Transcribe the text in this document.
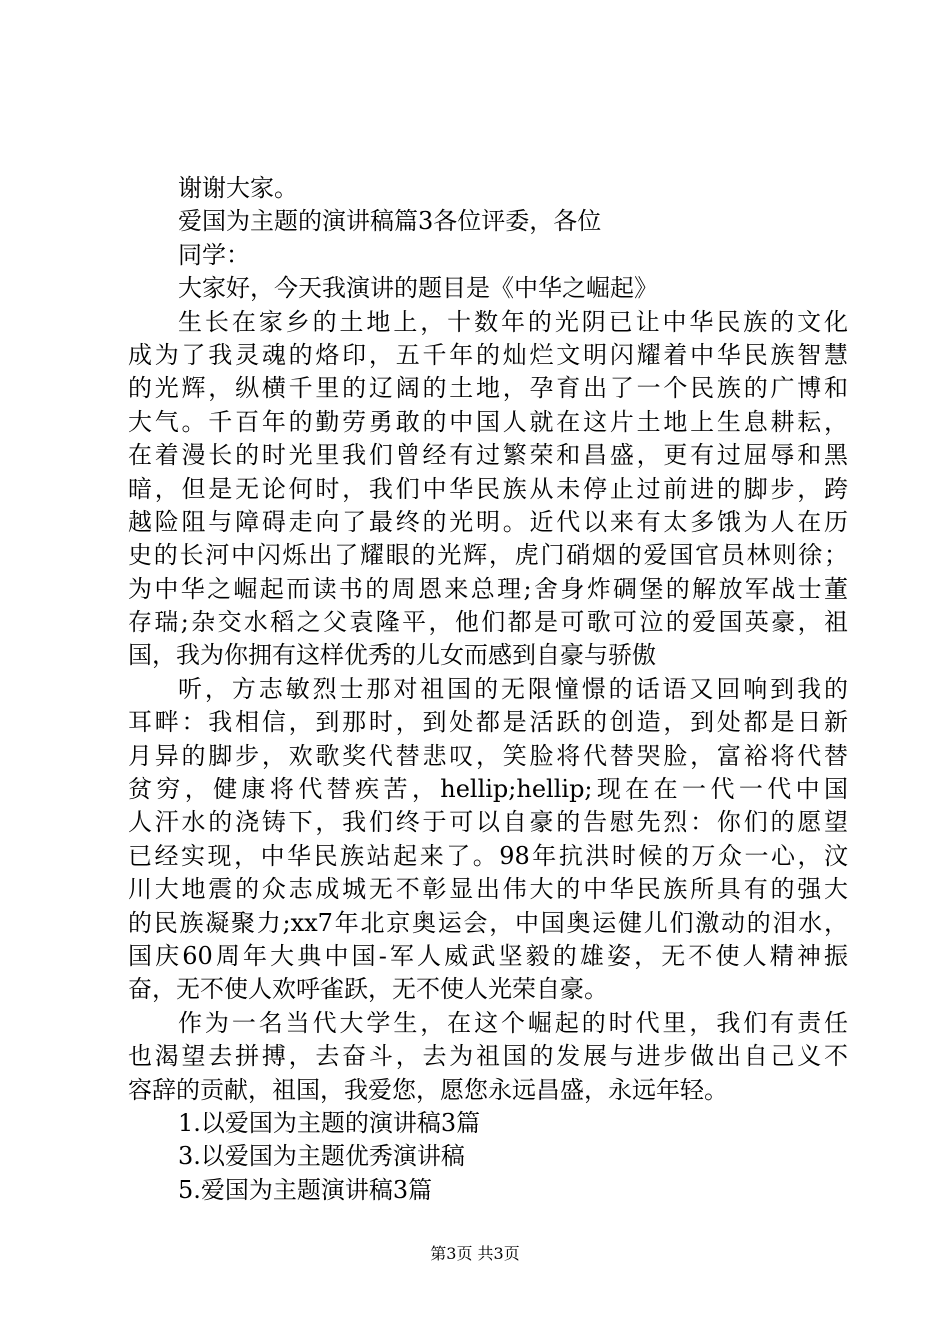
谢谢大家。
爱国为主题的演讲稿篇3各位评委，各位
同学：
大家好，今天我演讲的题目是《中华之崛起》
生长在家乡的土地上，十数年的光阴已让中华民族的文化
成为了我灵魂的烙印，五千年的灿烂文明闪耀着中华民族智慧
的光辉，纵横千里的辽阔的土地，孕育出了一个民族的广博和
大气。千百年的勤劳勇敢的中国人就在这片土地上生息耕耘，
在着漫长的时光里我们曾经有过繁荣和昌盛，更有过屈辱和黑
暗，但是无论何时，我们中华民族从未停止过前进的脚步，跨
越险阻与障碍走向了最终的光明。近代以来有太多饿为人在历
史的长河中闪烁出了耀眼的光辉，虎门硝烟的爱国官员林则徐；
为中华之崛起而读书的周恩来总理;舍身炸碉堡的解放军战士董
存瑞;杂交水稻之父袁隆平，他们都是可歌可泣的爱国英豪，祖
国，我为你拥有这样优秀的儿女而感到自豪与骄傲
听，方志敏烈士那对祖国的无限憧憬的话语又回响到我的
耳畔：我相信，到那时，到处都是活跃的创造，到处都是日新
月异的脚步，欢歌奖代替悲叹，笑脸将代替哭脸，富裕将代替
贫穷，健康将代替疾苦，hellip;hellip;现在在一代一代中国
人汗水的浇铸下，我们终于可以自豪的告慰先烈：你们的愿望
已经实现，中华民族站起来了。98年抗洪时候的万众一心，汶
川大地震的众志成城无不彰显出伟大的中华民族所具有的强大
的民族凝聚力;xx7年北京奥运会，中国奥运健儿们激动的泪水，
国庆60周年大典中国-军人威武坚毅的雄姿，无不使人精神振
奋，无不使人欢呼雀跃，无不使人光荣自豪。
作为一名当代大学生，在这个崛起的时代里，我们有责任
也渴望去拼搏，去奋斗，去为祖国的发展与进步做出自己义不
容辞的贡献，祖国，我爱您，愿您永远昌盛，永远年轻。
1.以爱国为主题的演讲稿3篇
3.以爱国为主题优秀演讲稿
5.爱国为主题演讲稿3篇
第3页 共3页
